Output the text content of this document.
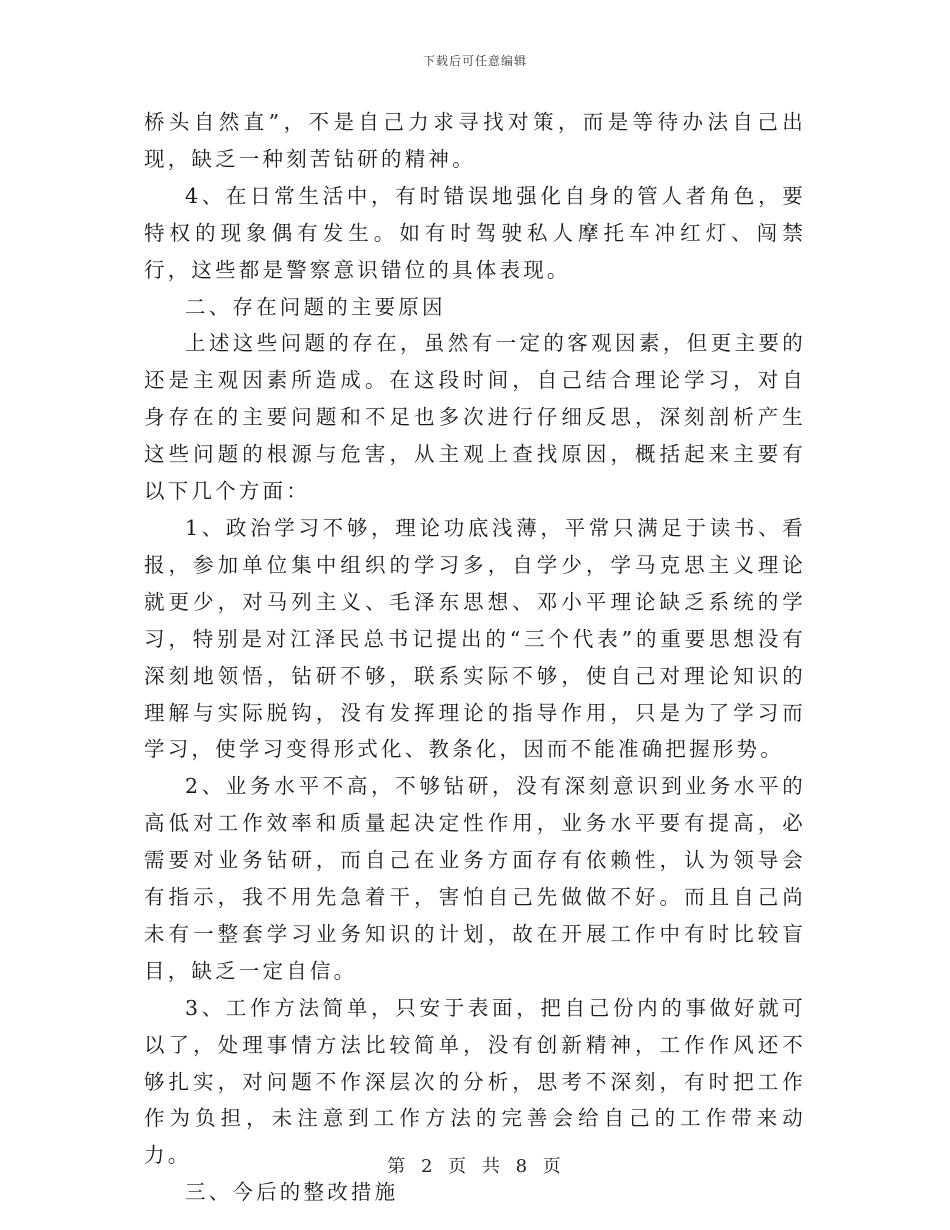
下载后可任意编辑

桥头自然直”，不是自己力求寻找对策，而是等待办法自己出现，缺乏一种刻苦钻研的精神。

4、在日常生活中，有时错误地强化自身的管人者角色，要特权的现象偶有发生。如有时驾驶私人摩托车冲红灯、闯禁行，这些都是警察意识错位的具体表现。

二、存在问题的主要原因

上述这些问题的存在，虽然有一定的客观因素，但更主要的还是主观因素所造成。在这段时间，自己结合理论学习，对自身存在的主要问题和不足也多次进行仔细反思，深刻剖析产生这些问题的根源与危害，从主观上查找原因，概括起来主要有以下几个方面：

1、政治学习不够，理论功底浅薄，平常只满足于读书、看报，参加单位集中组织的学习多，自学少，学马克思主义理论就更少，对马列主义、毛泽东思想、邓小平理论缺乏系统的学习，特别是对江泽民总书记提出的“三个代表”的重要思想没有深刻地领悟，钻研不够，联系实际不够，使自己对理论知识的理解与实际脱钩，没有发挥理论的指导作用，只是为了学习而学习，使学习变得形式化、教条化，因而不能准确把握形势。

2、业务水平不高，不够钻研，没有深刻意识到业务水平的高低对工作效率和质量起决定性作用，业务水平要有提高，必需要对业务钻研，而自己在业务方面存有依赖性，认为领导会有指示，我不用先急着干，害怕自己先做做不好。而且自己尚未有一整套学习业务知识的计划，故在开展工作中有时比较盲目，缺乏一定自信。

3、工作方法简单，只安于表面，把自己份内的事做好就可以了，处理事情方法比较简单，没有创新精神，工作作风还不够扎实，对问题不作深层次的分析，思考不深刻，有时把工作作为负担，未注意到工作方法的完善会给自己的工作带来动力。

三、今后的整改措施

第 2 页 共 8 页
